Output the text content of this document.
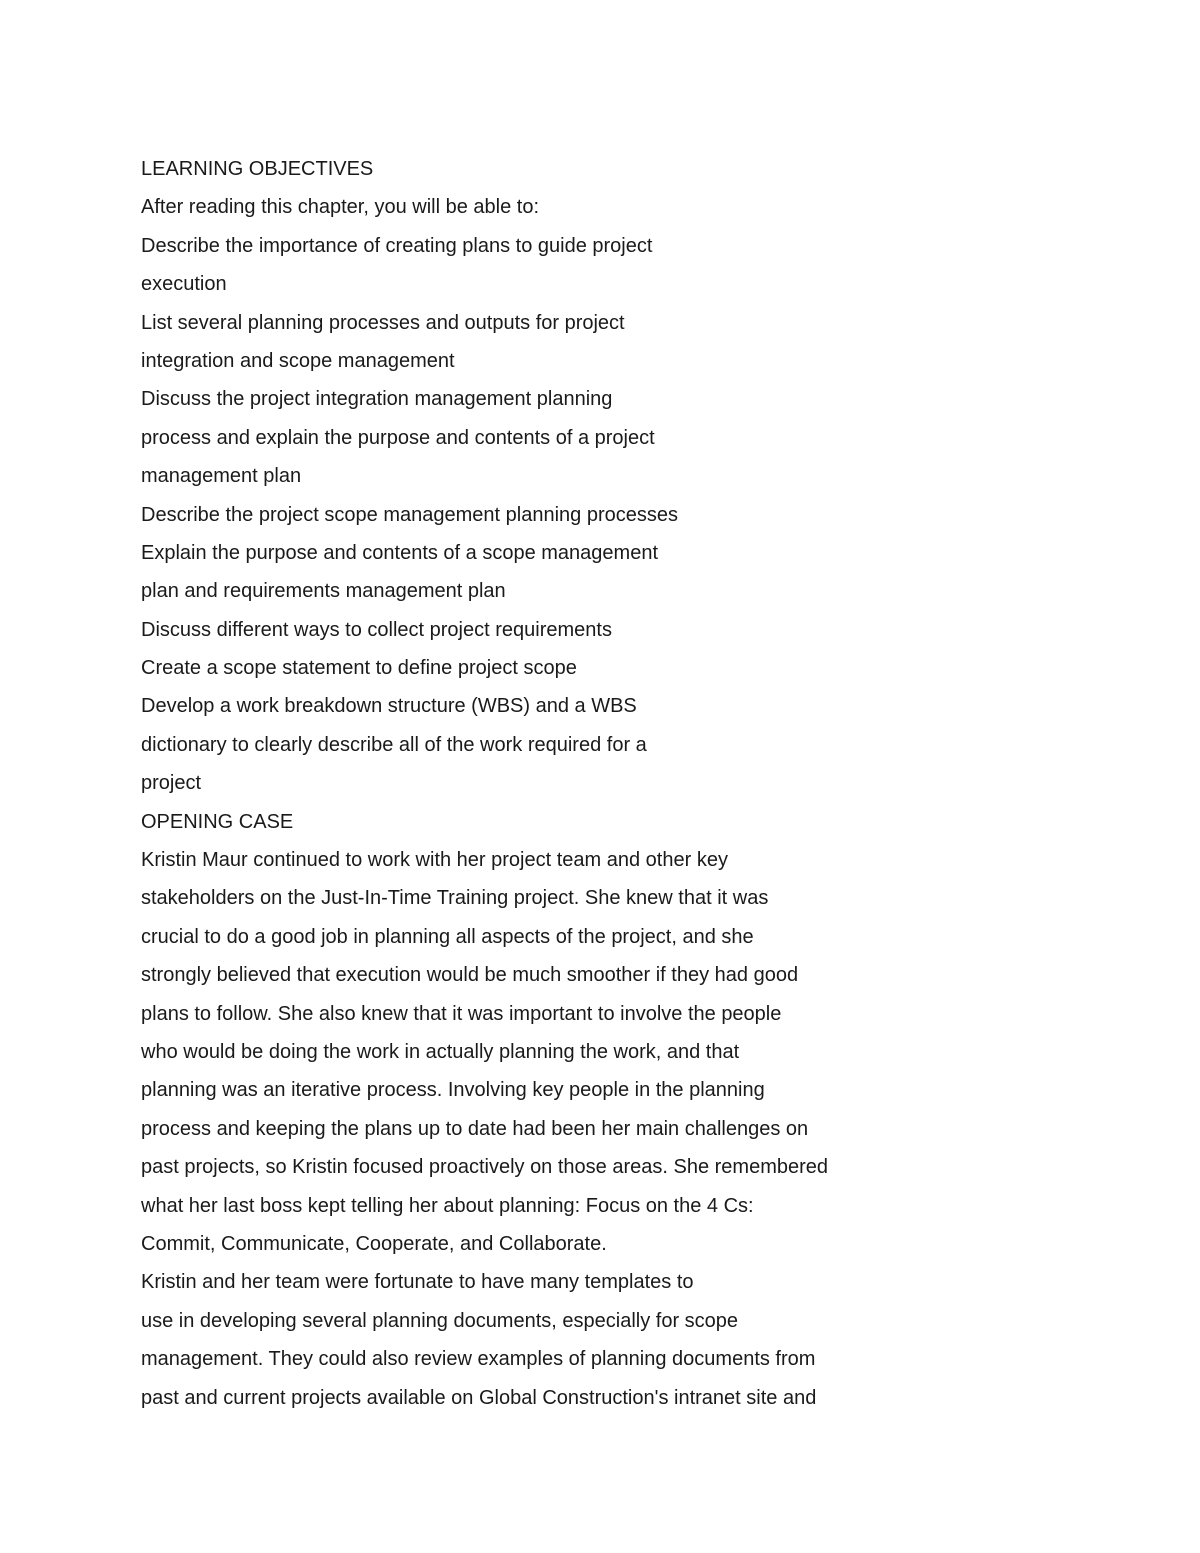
LEARNING OBJECTIVES
After reading this chapter, you will be able to:
Describe the importance of creating plans to guide project
execution
List several planning processes and outputs for project
integration and scope management
Discuss the project integration management planning
process and explain the purpose and contents of a project
management plan
Describe the project scope management planning processes
Explain the purpose and contents of a scope management
plan and requirements management plan
Discuss different ways to collect project requirements
Create a scope statement to define project scope
Develop a work breakdown structure (WBS) and a WBS
dictionary to clearly describe all of the work required for a
project
OPENING CASE
Kristin Maur continued to work with her project team and other key
stakeholders on the Just-In-Time Training project. She knew that it was
crucial to do a good job in planning all aspects of the project, and she
strongly believed that execution would be much smoother if they had good
plans to follow. She also knew that it was important to involve the people
who would be doing the work in actually planning the work, and that
planning was an iterative process. Involving key people in the planning
process and keeping the plans up to date had been her main challenges on
past projects, so Kristin focused proactively on those areas. She remembered
what her last boss kept telling her about planning: Focus on the 4 Cs:
Commit, Communicate, Cooperate, and Collaborate.
Kristin and her team were fortunate to have many templates to
use in developing several planning documents, especially for scope
management. They could also review examples of planning documents from
past and current projects available on Global Construction's intranet site and
